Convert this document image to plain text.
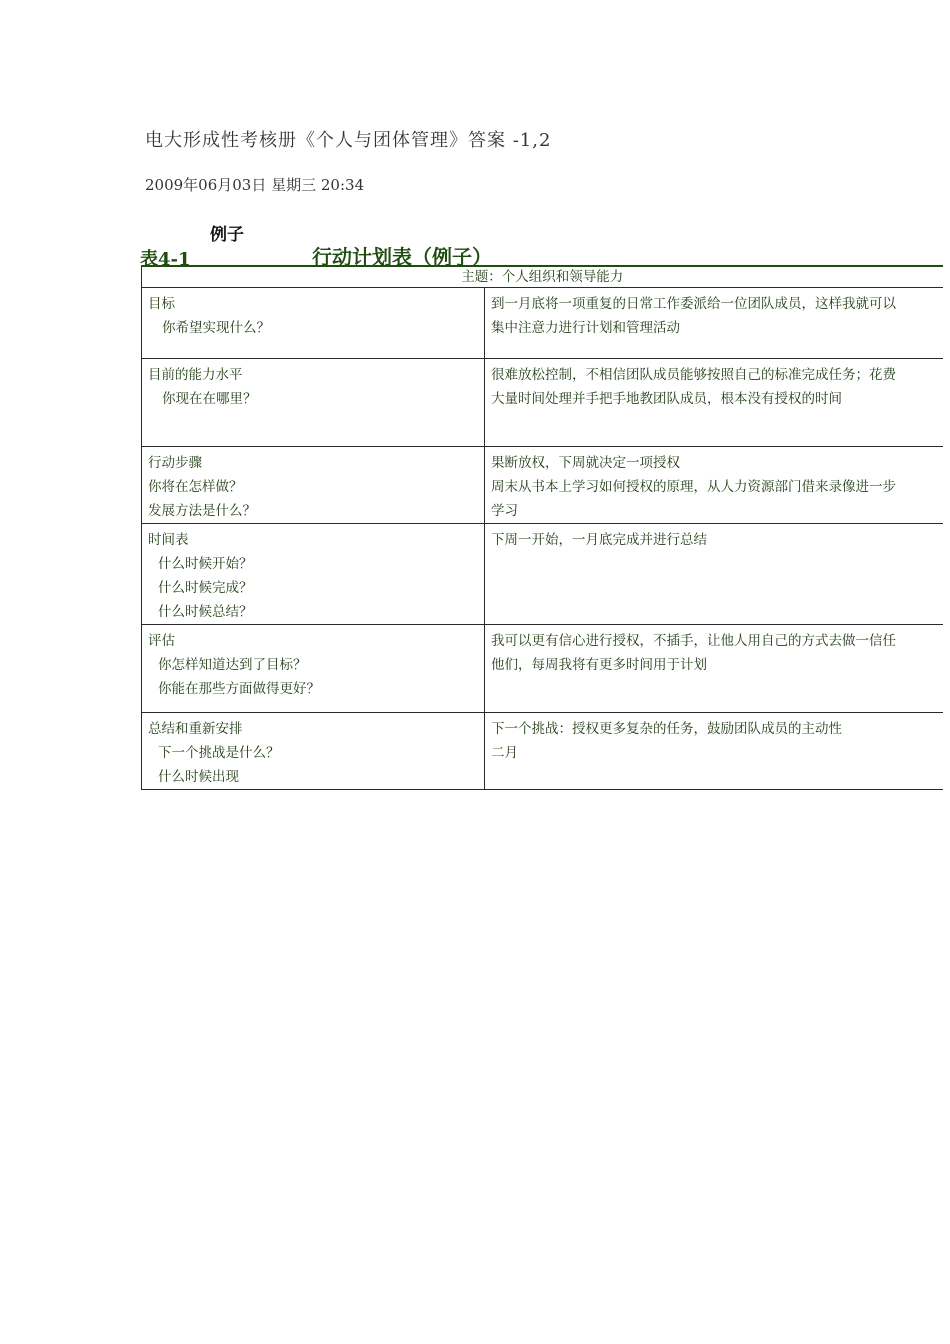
电大形成性考核册《个人与团体管理》答案 -1,2
2009年06月03日 星期三 20:34
例子
表4-1	行动计划表（例子）
主题：个人组织和领导能力	

目标
你希望实现什么？	到一月底将一项重复的日常工作委派给一位团队成员，这样我就可以
集中注意力进行计划和管理活动

目前的能力水平
你现在在哪里？	很难放松控制，不相信团队成员能够按照自己的标准完成任务；花费
大量时间处理并手把手地教团队成员，根本没有授权的时间

行动步骤
你将在怎样做？
发展方法是什么？	果断放权，下周就决定一项授权
周末从书本上学习如何授权的原理，从人力资源部门借来录像进一步
学习

时间表
什么时候开始？
什么时候完成？
什么时候总结？	下周一开始，一月底完成并进行总结

评估
你怎样知道达到了目标？
你能在那些方面做得更好？	我可以更有信心进行授权，不插手，让他人用自己的方式去做一信任
他们，每周我将有更多时间用于计划

总结和重新安排
下一个挑战是什么？
什么时候出现	下一个挑战：授权更多复杂的任务，鼓励团队成员的主动性
二月
